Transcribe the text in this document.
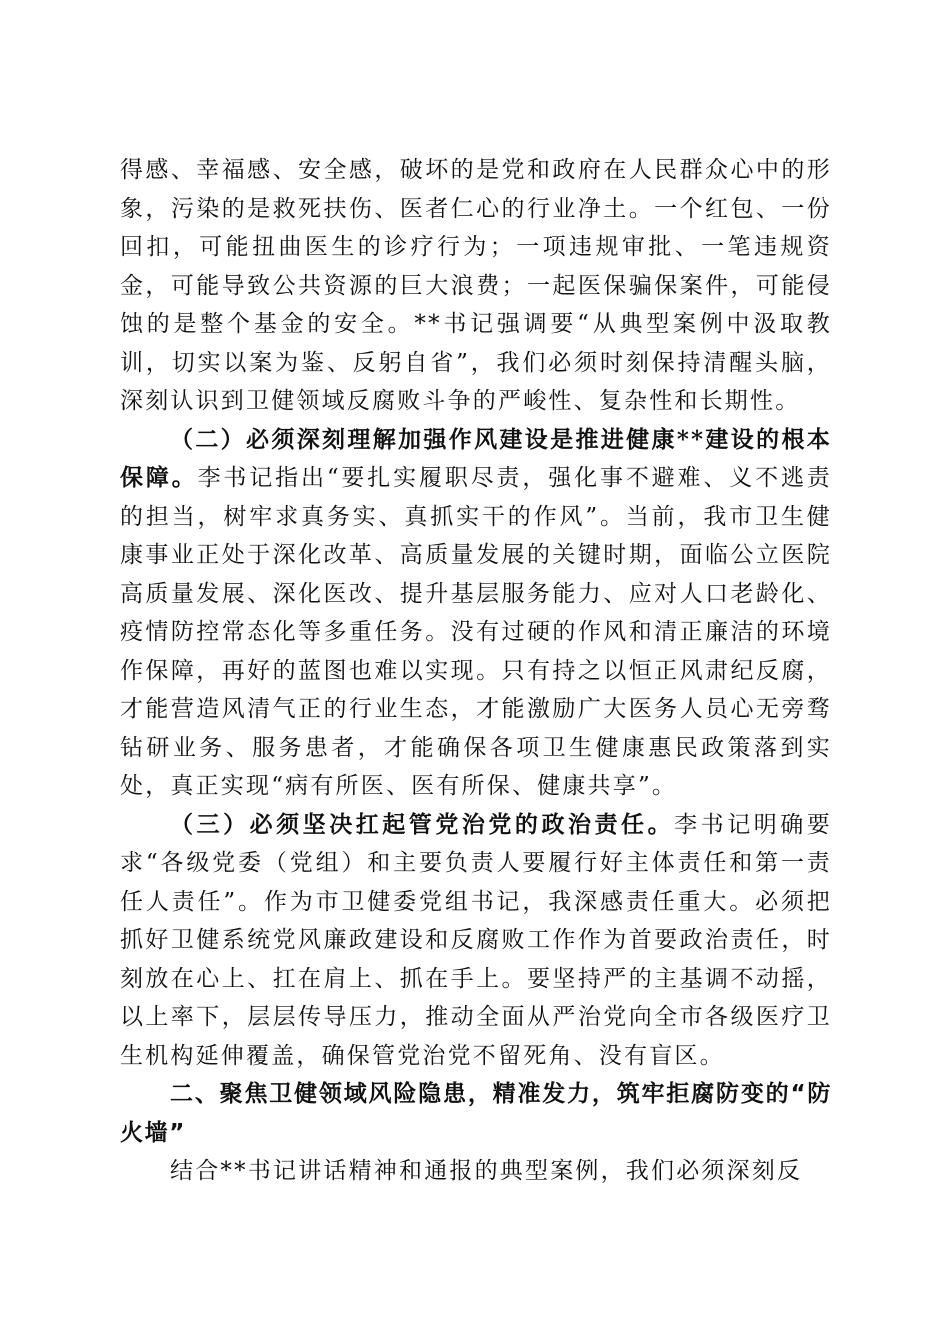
得感、幸福感、安全感，破坏的是党和政府在人民群众心中的形象，污染的是救死扶伤、医者仁心的行业净土。一个红包、一份回扣，可能扭曲医生的诊疗行为；一项违规审批、一笔违规资金，可能导致公共资源的巨大浪费；一起医保骗保案件，可能侵蚀的是整个基金的安全。**书记强调要“从典型案例中汲取教训，切实以案为鉴、反躬自省”，我们必须时刻保持清醒头脑，深刻认识到卫健领域反腐败斗争的严峻性、复杂性和长期性。

（二）必须深刻理解加强作风建设是推进健康**建设的根本保障。李书记指出“要扎实履职尽责，强化事不避难、义不逃责的担当，树牢求真务实、真抓实干的作风”。当前，我市卫生健康事业正处于深化改革、高质量发展的关键时期，面临公立医院高质量发展、深化医改、提升基层服务能力、应对人口老龄化、疫情防控常态化等多重任务。没有过硬的作风和清正廉洁的环境作保障，再好的蓝图也难以实现。只有持之以恒正风肃纪反腐，才能营造风清气正的行业生态，才能激励广大医务人员心无旁骛钻研业务、服务患者，才能确保各项卫生健康惠民政策落到实处，真正实现“病有所医、医有所保、健康共享”。

（三）必须坚决扛起管党治党的政治责任。李书记明确要求“各级党委（党组）和主要负责人要履行好主体责任和第一责任人责任”。作为市卫健委党组书记，我深感责任重大。必须把抓好卫健系统党风廉政建设和反腐败工作作为首要政治责任，时刻放在心上、扛在肩上、抓在手上。要坚持严的主基调不动摇，以上率下，层层传导压力，推动全面从严治党向全市各级医疗卫生机构延伸覆盖，确保管党治党不留死角、没有盲区。

二、聚焦卫健领域风险隐患，精准发力，筑牢拒腐防变的“防火墙”

结合**书记讲话精神和通报的典型案例，我们必须深刻反
